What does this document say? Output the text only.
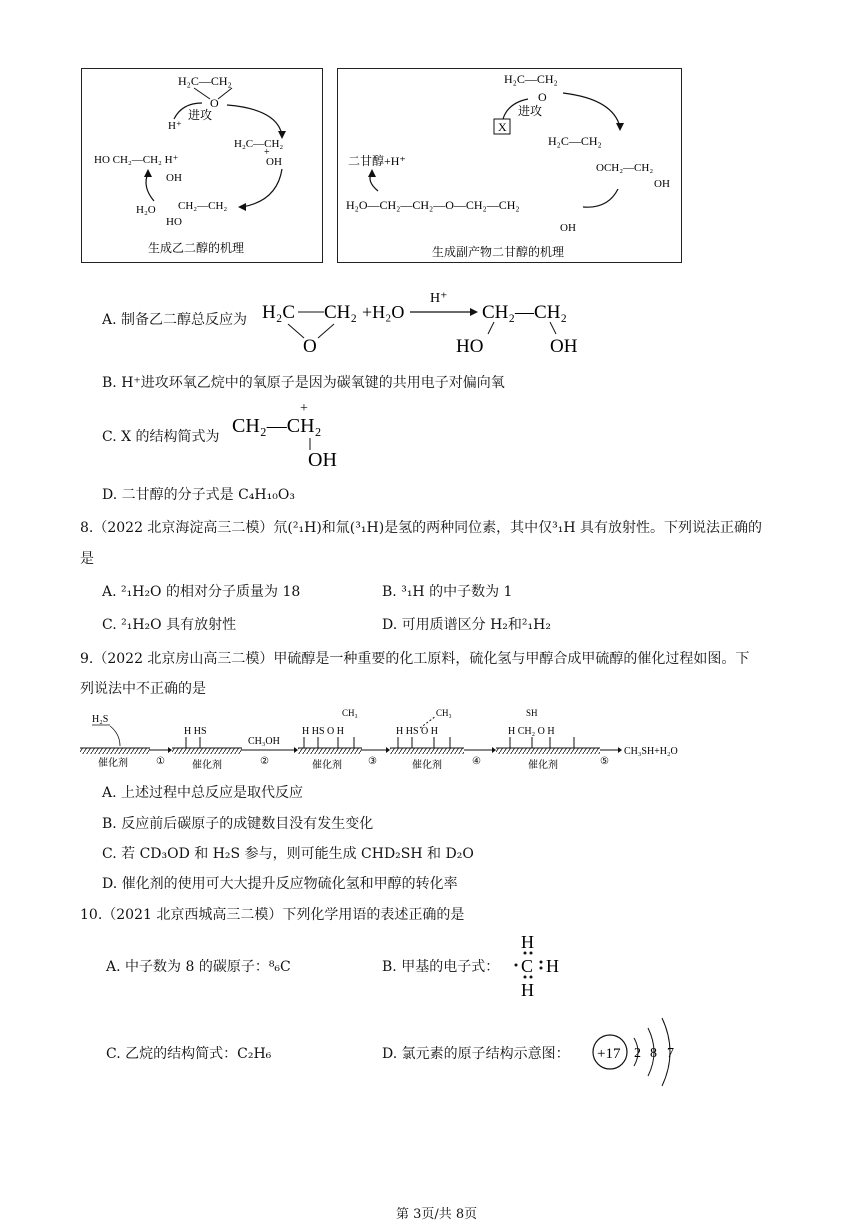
H₂C—CH₂
O
进攻
H⁺
H₂C—CH₂
OH
+
HO CH₂—CH₂ H⁺
OH
CH₂—CH₂
HO
H₂O
生成乙二醇的机理
H₂C—CH₂
O
进攻
X
H₂C—CH₂
OCH₂—CH₂
OH
二甘醇+H⁺
H₂O—CH₂—CH₂—O—CH₂—CH₂
OH
生成副产物二甘醇的机理
A. 制备乙二醇总反应为 H₂C CH₂
O
+H₂O
H⁺
CH₂—CH₂
HO	OH
B. H⁺进攻环氧乙烷中的氧原子是因为碳氧键的共用电子对偏向氧
C. X 的结构简式为 CH₂—CH₂
+
OH
D. 二甘醇的分子式是 C₄H₁₀O₃
8.（2022 北京海淀高三二模）氘(²₁H)和氚(³₁H)是氢的两种同位素，其中仅³₁H 具有放射性。下列说法正确的
是
A. ²₁H₂O 的相对分子质量为 18	B. ³₁H 的中子数为 1
C. ²₁H₂O 具有放射性	D. 可用质谱区分 H₂和²₁H₂
9.（2022 北京房山高三二模）甲硫醇是一种重要的化工原料，硫化氢与甲醇合成甲硫醇的催化过程如图。下
列说法中不正确的是
H₂S
催化剂	①
H HS
催化剂
CH₃OH
②
H HS O H
CH₃
催化剂	③
H HS O H
CH₃
催化剂	④
SH
H CH₂ O H
催化剂	⑤
CH₃SH+H₂O
A. 上述过程中总反应是取代反应
B. 反应前后碳原子的成键数目没有发生变化
C. 若 CD₃OD 和 H₂S 参与，则可能生成 CHD₂SH 和 D₂O
D. 催化剂的使用可大大提升反应物硫化氢和甲醇的转化率
10.（2021 北京西城高三二模）下列化学用语的表述正确的是
A. 中子数为 8 的碳原子：⁸₆C	B. 甲基的电子式：
H
C H
H
C. 乙烷的结构简式：C₂H₆	D. 氯元素的原子结构示意图： +17 2 8 7
第 3页/共 8页
